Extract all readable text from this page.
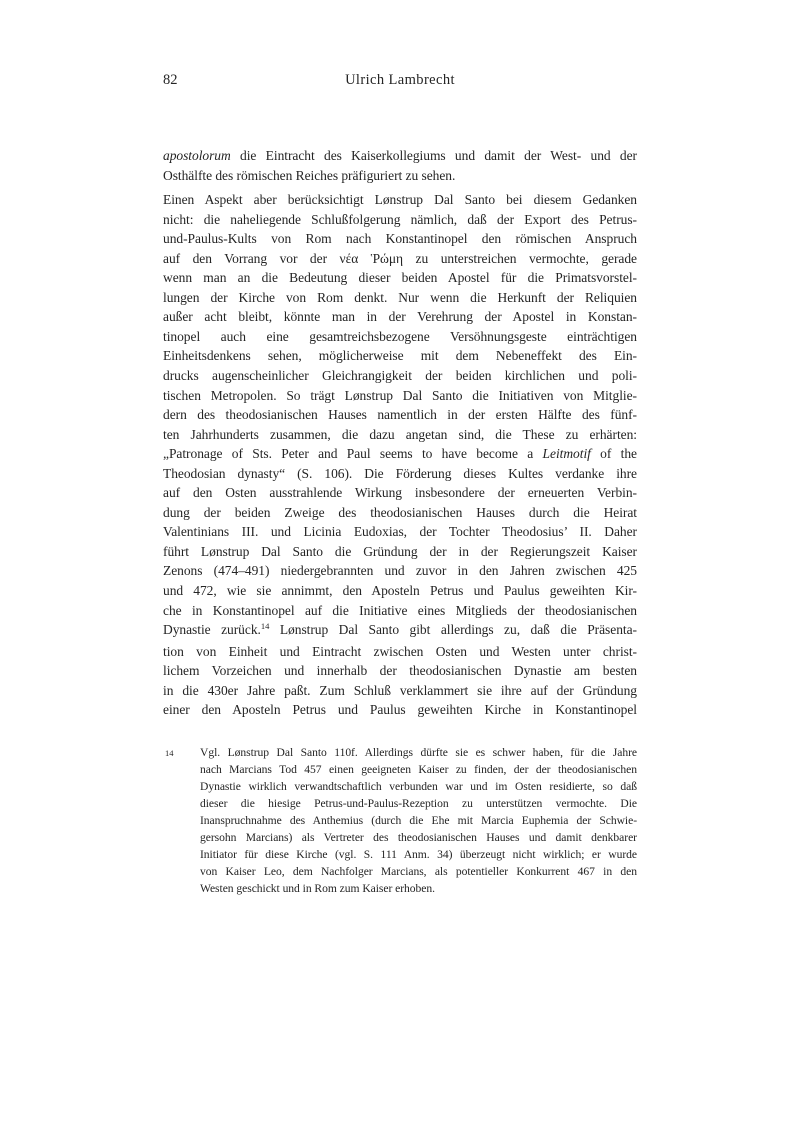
82	Ulrich Lambrecht
apostolorum die Eintracht des Kaiserkollegiums und damit der West- und der
Osthälfte des römischen Reiches präfiguriert zu sehen.
Einen Aspekt aber berücksichtigt Lønstrup Dal Santo bei diesem Gedanken
nicht: die naheliegende Schlußfolgerung nämlich, daß der Export des Petrus-
und-Paulus-Kults von Rom nach Konstantinopel den römischen Anspruch
auf den Vorrang vor der νέα Ῥώμη zu unterstreichen vermochte, gerade
wenn man an die Bedeutung dieser beiden Apostel für die Primatsvorstel-
lungen der Kirche von Rom denkt. Nur wenn die Herkunft der Reliquien
außer acht bleibt, könnte man in der Verehrung der Apostel in Konstan-
tinopel auch eine gesamtreichsbezogene Versöhnungsgeste einträchtigen
Einheitsdenkens sehen, möglicherweise mit dem Nebeneffekt des Ein-
drucks augenscheinlicher Gleichrangigkeit der beiden kirchlichen und poli-
tischen Metropolen. So trägt Lønstrup Dal Santo die Initiativen von Mitglie-
dern des theodosianischen Hauses namentlich in der ersten Hälfte des fünf-
ten Jahrhunderts zusammen, die dazu angetan sind, die These zu erhärten:
„Patronage of Sts. Peter and Paul seems to have become a Leitmotif of the
Theodosian dynasty“ (S. 106). Die Förderung dieses Kultes verdanke ihre
auf den Osten ausstrahlende Wirkung insbesondere der erneuerten Verbin-
dung der beiden Zweige des theodosianischen Hauses durch die Heirat
Valentinians III. und Licinia Eudoxias, der Tochter Theodosius’ II. Daher
führt Lønstrup Dal Santo die Gründung der in der Regierungszeit Kaiser
Zenons (474–491) niedergebrannten und zuvor in den Jahren zwischen 425
und 472, wie sie annimmt, den Aposteln Petrus und Paulus geweihten Kir-
che in Konstantinopel auf die Initiative eines Mitglieds der theodosianischen
Dynastie zurück.$^{14}$ Lønstrup Dal Santo gibt allerdings zu, daß die Präsenta-
tion von Einheit und Eintracht zwischen Osten und Westen unter christ-
lichem Vorzeichen und innerhalb der theodosianischen Dynastie am besten
in die 430er Jahre paßt. Zum Schluß verklammert sie ihre auf der Gründung
einer den Aposteln Petrus und Paulus geweihten Kirche in Konstantinopel
14 Vgl. Lønstrup Dal Santo 110f. Allerdings dürfte sie es schwer haben, für die Jahre
nach Marcians Tod 457 einen geeigneten Kaiser zu finden, der der theodosianischen
Dynastie wirklich verwandtschaftlich verbunden war und im Osten residierte, so daß
dieser die hiesige Petrus-und-Paulus-Rezeption zu unterstützen vermochte. Die
Inanspruchnahme des Anthemius (durch die Ehe mit Marcia Euphemia der Schwie-
gersohn Marcians) als Vertreter des theodosianischen Hauses und damit denkbarer
Initiator für diese Kirche (vgl. S. 111 Anm. 34) überzeugt nicht wirklich; er wurde
von Kaiser Leo, dem Nachfolger Marcians, als potentieller Konkurrent 467 in den
Westen geschickt und in Rom zum Kaiser erhoben.
